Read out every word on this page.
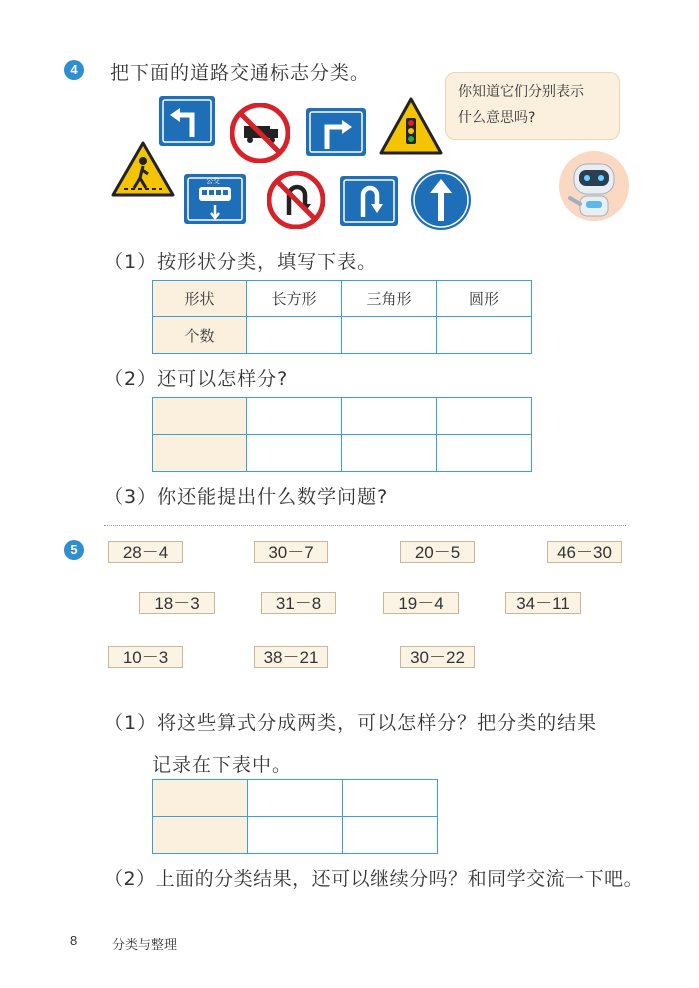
4	把下面的道路交通标志分类。
你知道它们分别表示
什么意思吗?
公交
（1）按形状分类，填写下表。
形状	长方形	三角形	圆形
个数			
（2）还可以怎样分?

（3）你还能提出什么数学问题?
5	28－4	30－7	20－5	46－30
18－3	31－8	19－4	34－11
10－3	38－21	30－22
（1）将这些算式分成两类，可以怎样分？把分类的结果
记录在下表中。

（2）上面的分类结果，还可以继续分吗？和同学交流一下吧。
8	分类与整理
